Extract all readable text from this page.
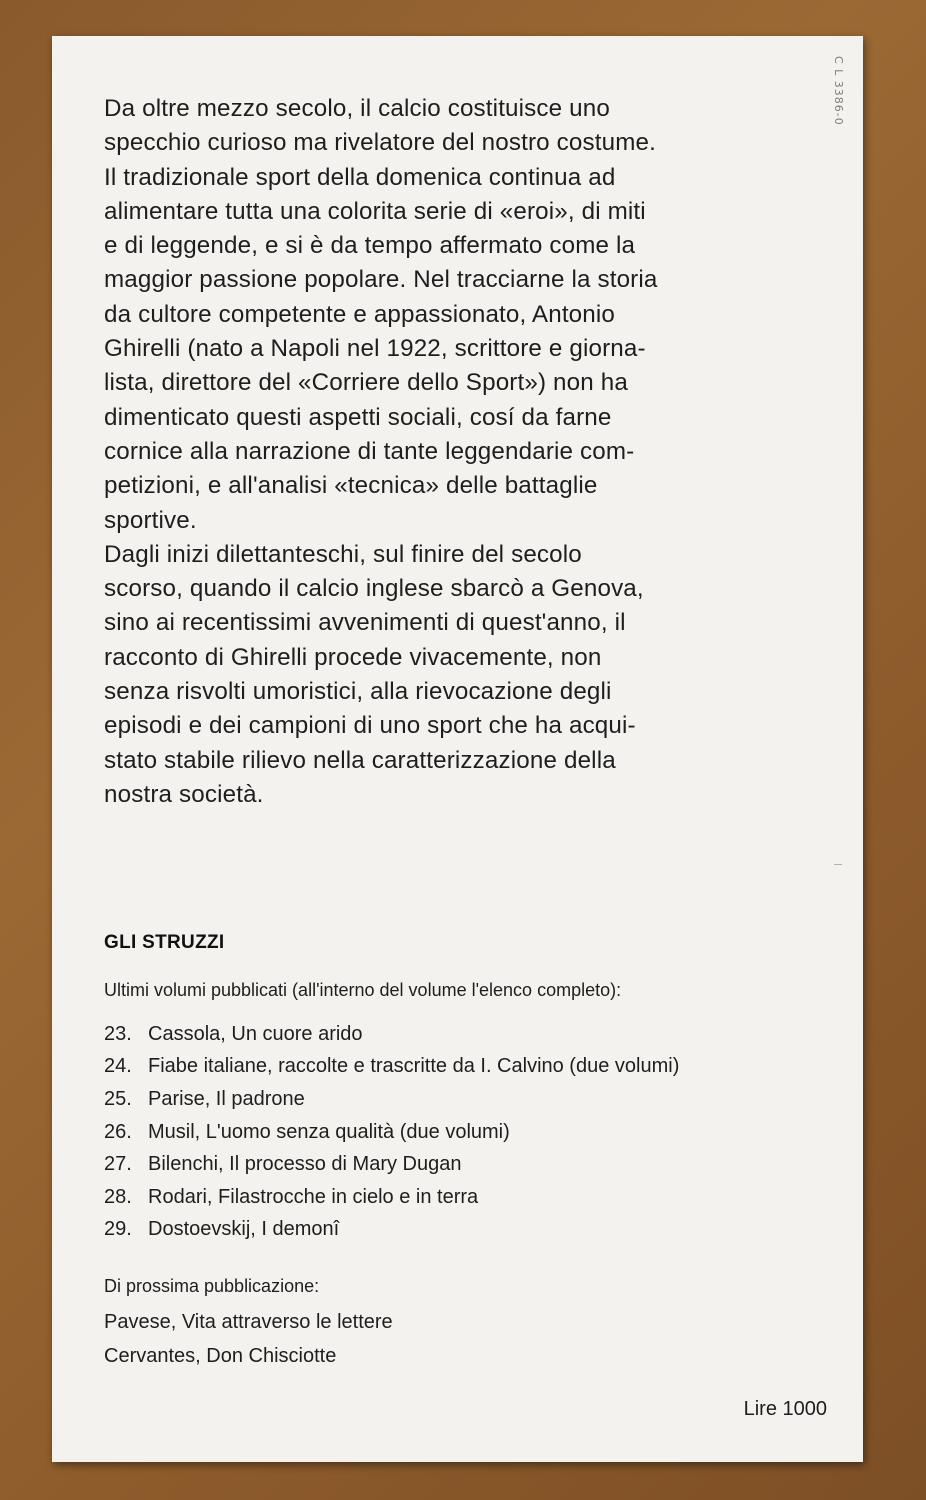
C L 3386-0
Da oltre mezzo secolo, il calcio costituisce uno
specchio curioso ma rivelatore del nostro costume.
Il tradizionale sport della domenica continua ad
alimentare tutta una colorita serie di «eroi», di miti
e di leggende, e si è da tempo affermato come la
maggior passione popolare. Nel tracciarne la storia
da cultore competente e appassionato, Antonio
Ghirelli (nato a Napoli nel 1922, scrittore e giorna-
lista, direttore del «Corriere dello Sport») non ha
dimenticato questi aspetti sociali, cosí da farne
cornice alla narrazione di tante leggendarie com-
petizioni, e all'analisi «tecnica» delle battaglie
sportive.
Dagli inizi dilettanteschi, sul finire del secolo
scorso, quando il calcio inglese sbarcò a Genova,
sino ai recentissimi avvenimenti di quest'anno, il
racconto di Ghirelli procede vivacemente, non
senza risvolti umoristici, alla rievocazione degli
episodi e dei campioni di uno sport che ha acqui-
stato stabile rilievo nella caratterizzazione della
nostra società.
GLI STRUZZI
Ultimi volumi pubblicati (all'interno del volume l'elenco completo):
23. Cassola, Un cuore arido
24. Fiabe italiane, raccolte e trascritte da I. Calvino (due volumi)
25. Parise, Il padrone
26. Musil, L'uomo senza qualità (due volumi)
27. Bilenchi, Il processo di Mary Dugan
28. Rodari, Filastrocche in cielo e in terra
29. Dostoevskij, I demonî
Di prossima pubblicazione:
Pavese, Vita attraverso le lettere
Cervantes, Don Chisciotte
Lire 1000
